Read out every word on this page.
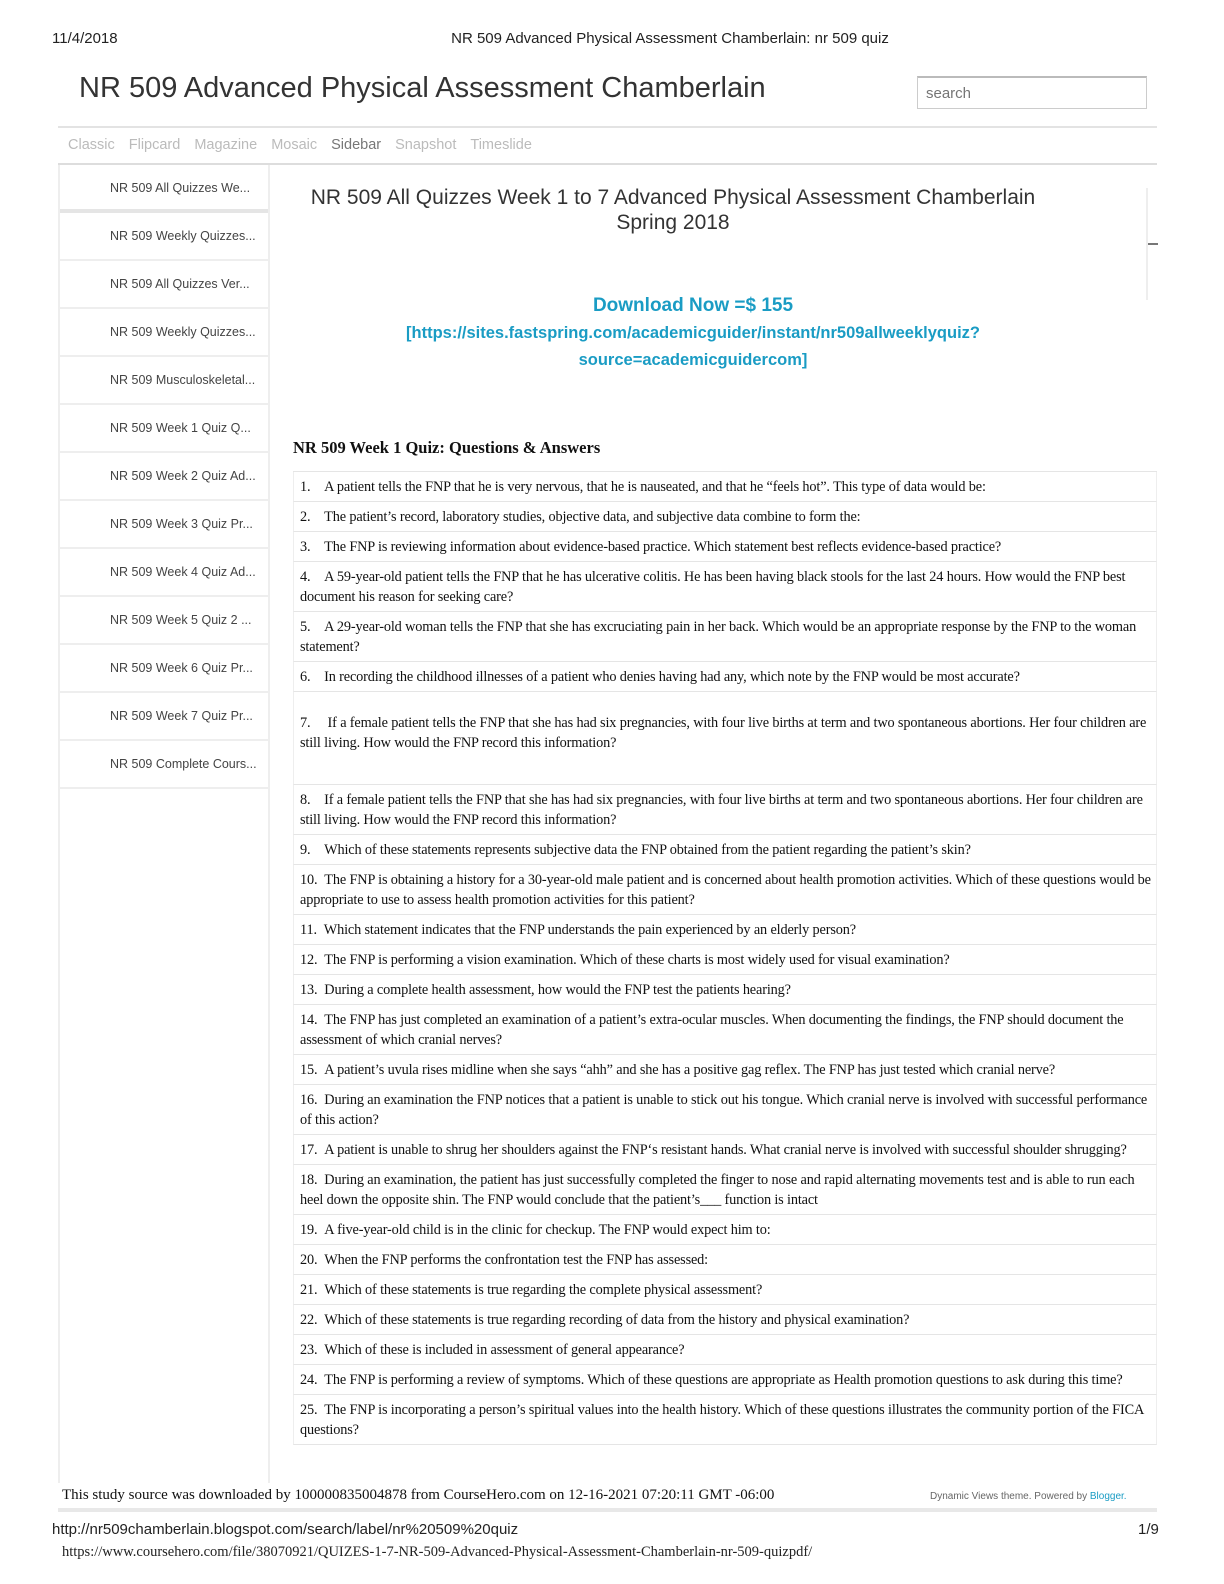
11/4/2018	NR 509 Advanced Physical Assessment Chamberlain: nr 509 quiz
NR 509 Advanced Physical Assessment Chamberlain
search
Classic Flipcard Magazine Mosaic Sidebar Snapshot Timeslide
NR 509 All Quizzes We...
NR 509 Weekly Quizzes...
NR 509 All Quizzes Ver...
NR 509 Weekly Quizzes...
NR 509 Musculoskeletal...
NR 509 Week 1 Quiz Q...
NR 509 Week 2 Quiz Ad...
NR 509 Week 3 Quiz Pr...
NR 509 Week 4 Quiz Ad...
NR 509 Week 5 Quiz 2 ...
NR 509 Week 6 Quiz Pr...
NR 509 Week 7 Quiz Pr...
NR 509 Complete Cours...
NR 509 All Quizzes Week 1 to 7 Advanced Physical Assessment Chamberlain
Spring 2018
Download Now =$ 155
[https://sites.fastspring.com/academicguider/instant/nr509allweeklyquiz?
source=academicguidercom]
NR 509 Week 1 Quiz: Questions & Answers
1.    A patient tells the FNP that he is very nervous, that he is nauseated, and that he “feels hot”. This type of data would be:
2.    The patient’s record, laboratory studies, objective data, and subjective data combine to form the:
3.    The FNP is reviewing information about evidence-based practice. Which statement best reflects evidence-based practice?
4.    A 59-year-old patient tells the FNP that he has ulcerative colitis. He has been having black stools for the last 24 hours. How would the FNP best document his reason for seeking care?
5.    A 29-year-old woman tells the FNP that she has excruciating pain in her back. Which would be an appropriate response by the FNP to the woman statement?
6.    In recording the childhood illnesses of a patient who denies having had any, which note by the FNP would be most accurate?
7.     If a female patient tells the FNP that she has had six pregnancies, with four live births at term and two spontaneous abortions. Her four children are still living. How would the FNP record this information?
8.    If a female patient tells the FNP that she has had six pregnancies, with four live births at term and two spontaneous abortions. Her four children are still living. How would the FNP record this information?
9.    Which of these statements represents subjective data the FNP obtained from the patient regarding the patient’s skin?
10.  The FNP is obtaining a history for a 30-year-old male patient and is concerned about health promotion activities. Which of these questions would be appropriate to use to assess health promotion activities for this patient?
11.  Which statement indicates that the FNP understands the pain experienced by an elderly person?
12.  The FNP is performing a vision examination. Which of these charts is most widely used for visual examination?
13.  During a complete health assessment, how would the FNP test the patients hearing?
14.  The FNP has just completed an examination of a patient’s extra-ocular muscles. When documenting the findings, the FNP should document the assessment of which cranial nerves?
15.  A patient’s uvula rises midline when she says “ahh” and she has a positive gag reflex. The FNP has just tested which cranial nerve?
16.  During an examination the FNP notices that a patient is unable to stick out his tongue. Which cranial nerve is involved with successful performance of this action?
17.  A patient is unable to shrug her shoulders against the FNP‘s resistant hands. What cranial nerve is involved with successful shoulder shrugging?
18.  During an examination, the patient has just successfully completed the finger to nose and rapid alternating movements test and is able to run each heel down the opposite shin. The FNP would conclude that the patient’s___ function is intact
19.  A five-year-old child is in the clinic for checkup. The FNP would expect him to:
20.  When the FNP performs the confrontation test the FNP has assessed:
21.  Which of these statements is true regarding the complete physical assessment?
22.  Which of these statements is true regarding recording of data from the history and physical examination?
23.  Which of these is included in assessment of general appearance?
24.  The FNP is performing a review of symptoms. Which of these questions are appropriate as Health promotion questions to ask during this time?
25.  The FNP is incorporating a person’s spiritual values into the health history. Which of these questions illustrates the community portion of the FICA questions?
This study source was downloaded by 100000835004878 from CourseHero.com on 12-16-2021 07:20:11 GMT -06:00	Dynamic Views theme. Powered by Blogger.
http://nr509chamberlain.blogspot.com/search/label/nr%20509%20quiz	1/9
https://www.coursehero.com/file/38070921/QUIZES-1-7-NR-509-Advanced-Physical-Assessment-Chamberlain-nr-509-quizpdf/
